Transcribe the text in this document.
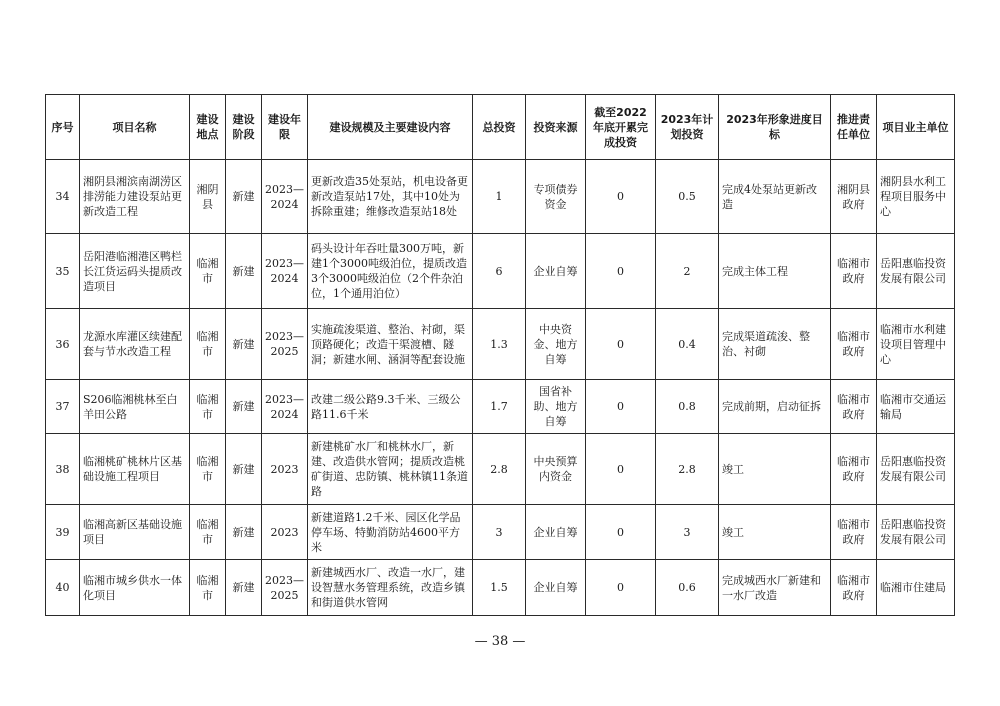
序号	项目名称	建设地点	建设阶段	建设年限	建设规模及主要建设内容	总投资	投资来源	截至2022年底开累完成投资	2023年计划投资	2023年形象进度目标	推进责任单位	项目业主单位
34	湘阴县湘滨南湖涝区排涝能力建设泵站更新改造工程	湘阴县	新建	2023—2024	更新改造35处泵站，机电设备更新改造泵站17处，其中10处为拆除重建；维修改造泵站18处	1	专项债券资金	0	0.5	完成4处泵站更新改造	湘阴县政府	湘阴县水利工程项目服务中心
35	岳阳港临湘港区鸭栏长江货运码头提质改造项目	临湘市	新建	2023—2024	码头设计年吞吐量300万吨，新建1个3000吨级泊位，提质改造3个3000吨级泊位（2个件杂泊位，1个通用泊位）	6	企业自筹	0	2	完成主体工程	临湘市政府	岳阳惠临投资发展有限公司
36	龙源水库灌区续建配套与节水改造工程	临湘市	新建	2023—2025	实施疏浚渠道、整治、衬砌，渠顶路硬化；改造干渠渡槽、隧洞；新建水闸、涵洞等配套设施	1.3	中央资金、地方自筹	0	0.4	完成渠道疏浚、整治、衬砌	临湘市政府	临湘市水利建设项目管理中心
37	S206临湘桃林至白羊田公路	临湘市	新建	2023—2024	改建二级公路9.3千米、三级公路11.6千米	1.7	国省补助、地方自筹	0	0.8	完成前期，启动征拆	临湘市政府	临湘市交通运输局
38	临湘桃矿桃林片区基础设施工程项目	临湘市	新建	2023	新建桃矿水厂和桃林水厂，新建、改造供水管网；提质改造桃矿街道、忠防镇、桃林镇11条道路	2.8	中央预算内资金	0	2.8	竣工	临湘市政府	岳阳惠临投资发展有限公司
39	临湘高新区基础设施项目	临湘市	新建	2023	新建道路1.2千米、园区化学品停车场、特勤消防站4600平方米	3	企业自筹	0	3	竣工	临湘市政府	岳阳惠临投资发展有限公司
40	临湘市城乡供水一体化项目	临湘市	新建	2023—2025	新建城西水厂、改造一水厂，建设智慧水务管理系统，改造乡镇和街道供水管网	1.5	企业自筹	0	0.6	完成城西水厂新建和一水厂改造	临湘市政府	临湘市住建局
— 38 —
